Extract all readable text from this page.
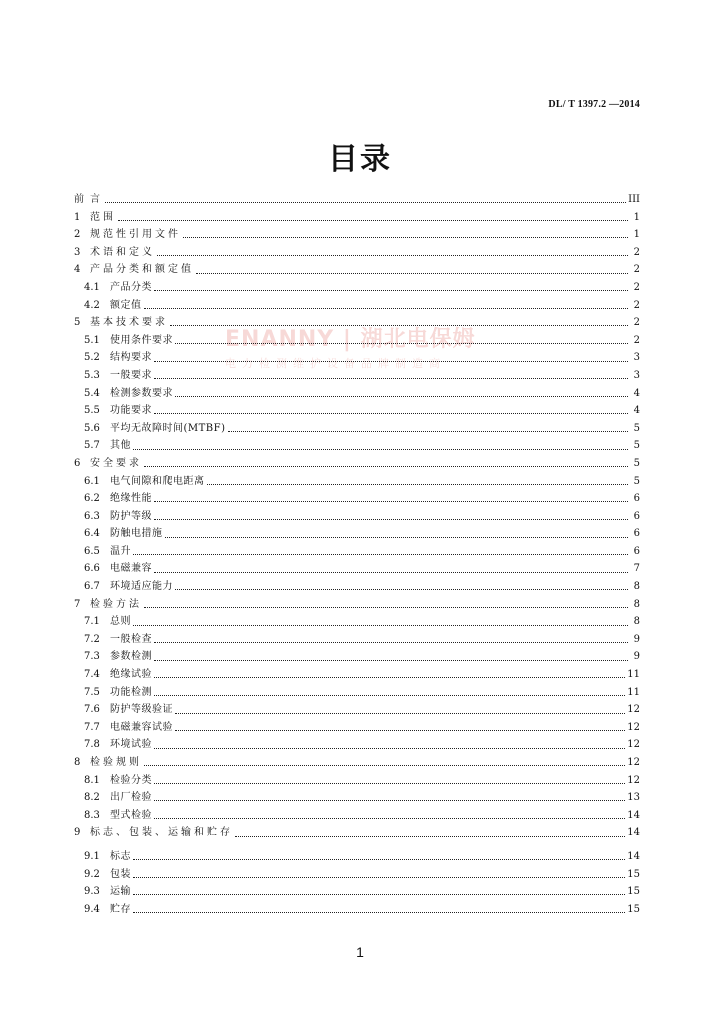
DL/ T 1397.2 —2014
目录
ENANNY | 湖北电保姆
电力检测维护设备品牌制造商
前 言	III
1 范围	1
2 规范性引用文件	1
3 术语和定义	2
4 产品分类和额定值	2
4.1	产品分类	2
4.2	额定值	2
5 基本技术要求	2
5.1	使用条件要求	2
5.2	结构要求	3
5.3	一般要求	3
5.4	检测参数要求	4
5.5	功能要求	4
5.6	平均无故障时间(MTBF)	5
5.7	其他	5
6 安全要求	5
6.1	电气间隙和爬电距离	5
6.2	绝缘性能	6
6.3	防护等级	6
6.4	防触电措施	6
6.5	温升	6
6.6	电磁兼容	7
6.7	环境适应能力	8
7 检验方法	8
7.1	总则	8
7.2	一般检查	9
7.3	参数检测	9
7.4	绝缘试验	11
7.5	功能检测	11
7.6	防护等级验证	12
7.7	电磁兼容试验	12
7.8	环境试验	12
8 检验规则	12
8.1	检验分类	12
8.2	出厂检验	13
8.3	型式检验	14
9 标志、包装、运输和贮存	14
9.1	标志	14
9.2	包装	15
9.3	运输	15
9.4	贮存	15
1
